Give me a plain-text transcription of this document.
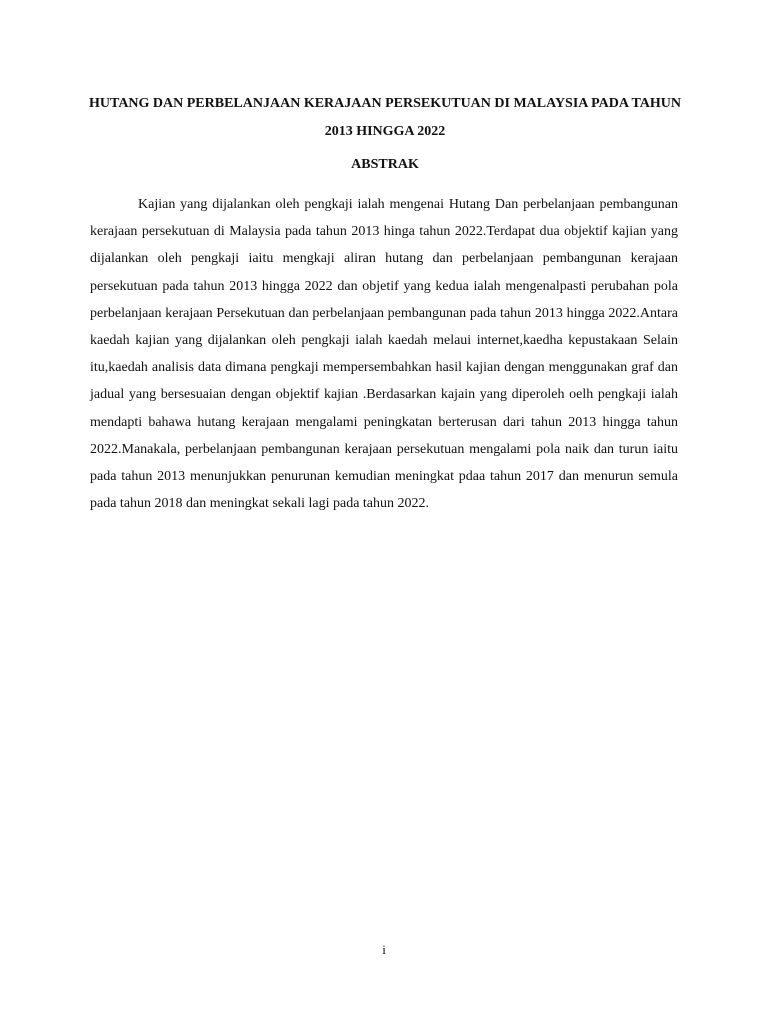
HUTANG DAN PERBELANJAAN KERAJAAN PERSEKUTUAN DI MALAYSIA PADA TAHUN 2013 HINGGA 2022
ABSTRAK

Kajian yang dijalankan oleh pengkaji ialah mengenai Hutang Dan perbelanjaan pembangunan kerajaan persekutuan di Malaysia pada tahun 2013 hinga tahun 2022.Terdapat dua objektif kajian yang dijalankan oleh pengkaji iaitu mengkaji aliran hutang dan perbelanjaan pembangunan kerajaan persekutuan pada tahun 2013 hingga 2022 dan objetif yang kedua ialah mengenalpasti perubahan pola perbelanjaan kerajaan Persekutuan dan perbelanjaan pembangunan pada tahun 2013 hingga 2022.Antara kaedah kajian yang dijalankan oleh pengkaji ialah kaedah melaui internet,kaedha kepustakaan Selain itu,kaedah analisis data dimana pengkaji mempersembahkan hasil kajian dengan menggunakan graf dan jadual yang bersesuaian dengan objektif kajian .Berdasarkan kajain yang diperoleh oelh pengkaji ialah mendapti bahawa hutang kerajaan mengalami peningkatan berterusan dari tahun 2013 hingga tahun 2022.Manakala, perbelanjaan pembangunan kerajaan persekutuan mengalami pola naik dan turun iaitu pada tahun 2013 menunjukkan penurunan kemudian meningkat pdaa tahun 2017 dan menurun semula pada tahun 2018 dan meningkat sekali lagi pada tahun 2022.

i
